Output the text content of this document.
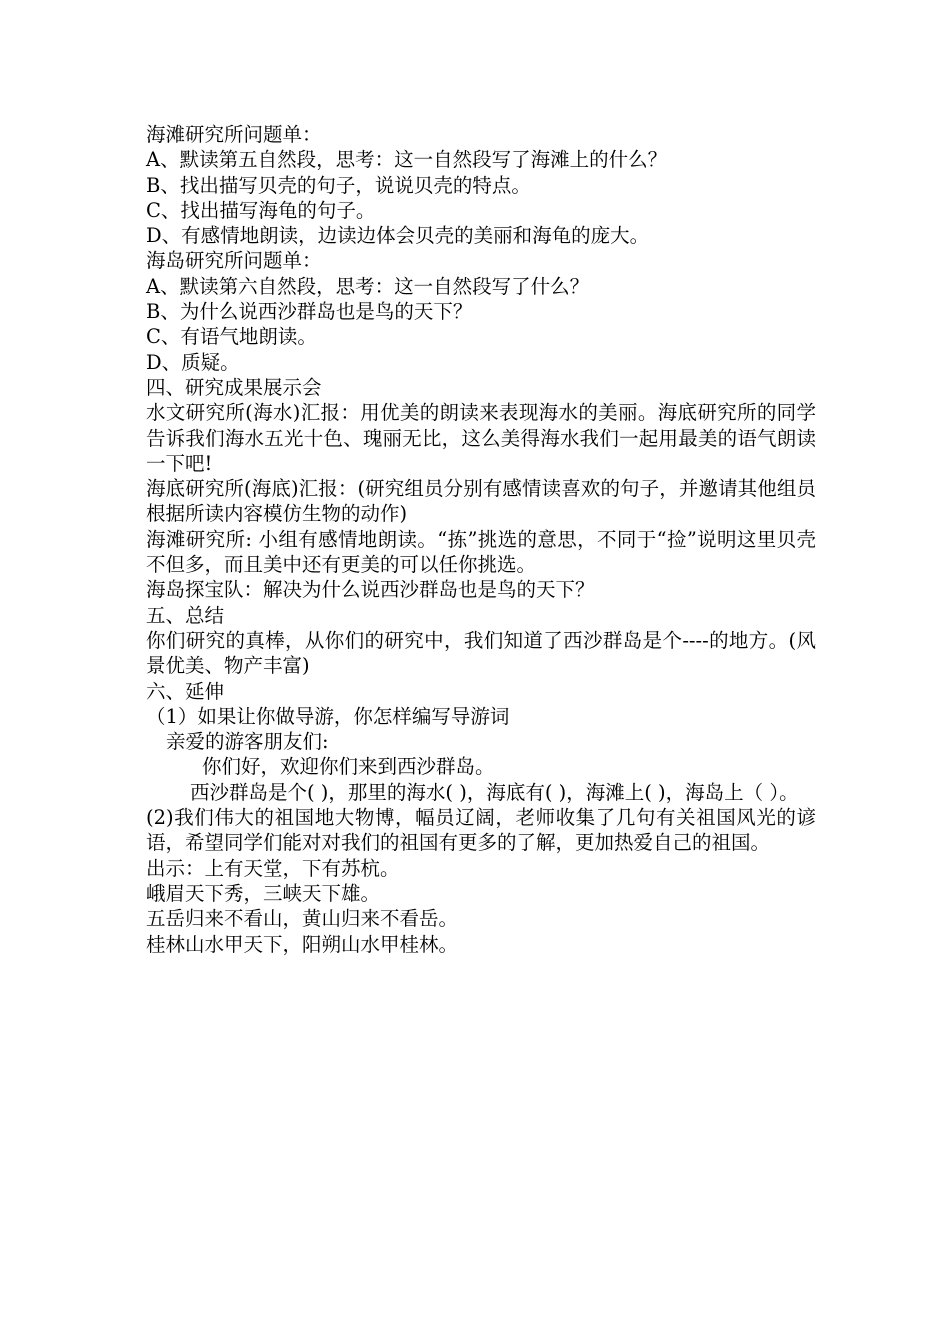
海滩研究所问题单：
A、默读第五自然段，思考：这一自然段写了海滩上的什么？
B、找出描写贝壳的句子，说说贝壳的特点。
C、找出描写海龟的句子。
D、有感情地朗读，边读边体会贝壳的美丽和海龟的庞大。
海岛研究所问题单：
A、默读第六自然段，思考：这一自然段写了什么？
B、为什么说西沙群岛也是鸟的天下？
C、有语气地朗读。
D、质疑。
四、研究成果展示会
水文研究所(海水)汇报：用优美的朗读来表现海水的美丽。海底研究所的同学告诉我们海水五光十色、瑰丽无比，这么美得海水我们一起用最美的语气朗读一下吧!
海底研究所(海底)汇报：(研究组员分别有感情读喜欢的句子，并邀请其他组员根据所读内容模仿生物的动作)
海滩研究所: 小组有感情地朗读。“拣”挑选的意思，不同于“捡”说明这里贝壳不但多，而且美中还有更美的可以任你挑选。
海岛探宝队：解决为什么说西沙群岛也是鸟的天下？
五、总结
你们研究的真棒，从你们的研究中，我们知道了西沙群岛是个----的地方。(风景优美、物产丰富)
六、延伸
（1）如果让你做导游，你怎样编写导游词
亲爱的游客朋友们:
你们好，欢迎你们来到西沙群岛。
西沙群岛是个( )，那里的海水( )，海底有( )，海滩上( )，海岛上（ ）。
(2)我们伟大的祖国地大物博，幅员辽阔，老师收集了几句有关祖国风光的谚语，希望同学们能对对我们的祖国有更多的了解，更加热爱自己的祖国。
出示：上有天堂，下有苏杭。
峨眉天下秀，三峡天下雄。
五岳归来不看山，黄山归来不看岳。
桂林山水甲天下，阳朔山水甲桂林。
